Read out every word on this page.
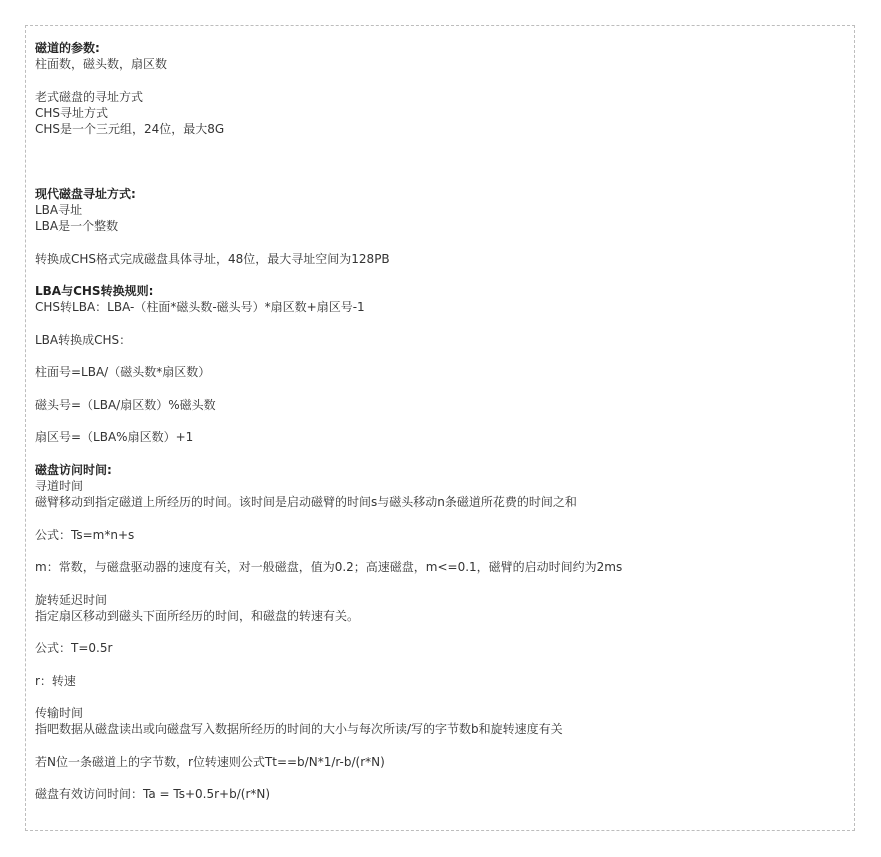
磁道的参数:
柱面数，磁头数，扇区数
老式磁盘的寻址方式
CHS寻址方式
CHS是一个三元组，24位，最大8G
现代磁盘寻址方式:
LBA寻址
LBA是一个整数
转换成CHS格式完成磁盘具体寻址，48位，最大寻址空间为128PB
LBA与CHS转换规则:
CHS转LBA：LBA-（柱面*磁头数-磁头号）*扇区数+扇区号-1
LBA转换成CHS：
柱面号=LBA/（磁头数*扇区数）
磁头号=（LBA/扇区数）%磁头数
扇区号=（LBA%扇区数）+1
磁盘访问时间:
寻道时间
磁臂移动到指定磁道上所经历的时间。该时间是启动磁臂的时间s与磁头移动n条磁道所花费的时间之和
公式：Ts=m*n+s
m：常数，与磁盘驱动器的速度有关，对一般磁盘，值为0.2；高速磁盘，m<=0.1，磁臂的启动时间约为2ms
旋转延迟时间
指定扇区移动到磁头下面所经历的时间，和磁盘的转速有关。
公式：T=0.5r
r：转速
传输时间
指吧数据从磁盘读出或向磁盘写入数据所经历的时间的大小与每次所读/写的字节数b和旋转速度有关
若N位一条磁道上的字节数，r位转速则公式Tt==b/N*1/r-b/(r*N)
磁盘有效访问时间：Ta = Ts+0.5r+b/(r*N)
